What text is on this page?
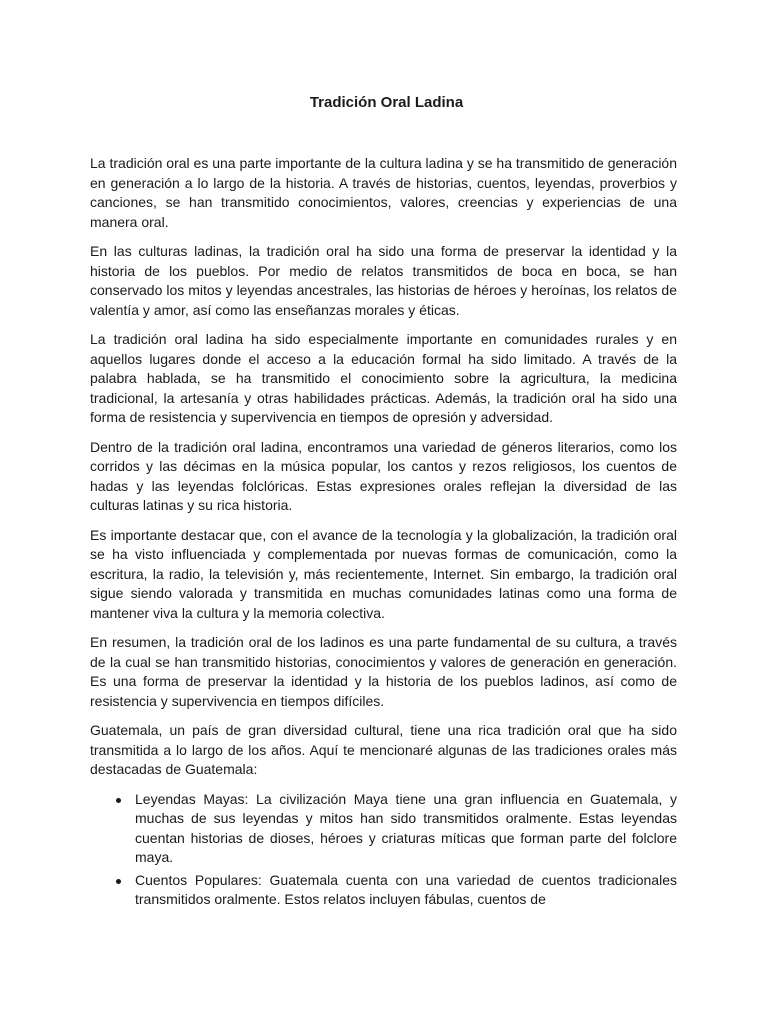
Tradición Oral Ladina

La tradición oral es una parte importante de la cultura ladina y se ha transmitido de generación en generación a lo largo de la historia. A través de historias, cuentos, leyendas, proverbios y canciones, se han transmitido conocimientos, valores, creencias y experiencias de una manera oral.

En las culturas ladinas, la tradición oral ha sido una forma de preservar la identidad y la historia de los pueblos. Por medio de relatos transmitidos de boca en boca, se han conservado los mitos y leyendas ancestrales, las historias de héroes y heroínas, los relatos de valentía y amor, así como las enseñanzas morales y éticas.

La tradición oral ladina ha sido especialmente importante en comunidades rurales y en aquellos lugares donde el acceso a la educación formal ha sido limitado. A través de la palabra hablada, se ha transmitido el conocimiento sobre la agricultura, la medicina tradicional, la artesanía y otras habilidades prácticas. Además, la tradición oral ha sido una forma de resistencia y supervivencia en tiempos de opresión y adversidad.

Dentro de la tradición oral ladina, encontramos una variedad de géneros literarios, como los corridos y las décimas en la música popular, los cantos y rezos religiosos, los cuentos de hadas y las leyendas folclóricas. Estas expresiones orales reflejan la diversidad de las culturas latinas y su rica historia.

Es importante destacar que, con el avance de la tecnología y la globalización, la tradición oral se ha visto influenciada y complementada por nuevas formas de comunicación, como la escritura, la radio, la televisión y, más recientemente, Internet. Sin embargo, la tradición oral sigue siendo valorada y transmitida en muchas comunidades latinas como una forma de mantener viva la cultura y la memoria colectiva.

En resumen, la tradición oral de los ladinos es una parte fundamental de su cultura, a través de la cual se han transmitido historias, conocimientos y valores de generación en generación. Es una forma de preservar la identidad y la historia de los pueblos ladinos, así como de resistencia y supervivencia en tiempos difíciles.

Guatemala, un país de gran diversidad cultural, tiene una rica tradición oral que ha sido transmitida a lo largo de los años. Aquí te mencionaré algunas de las tradiciones orales más destacadas de Guatemala:

Leyendas Mayas: La civilización Maya tiene una gran influencia en Guatemala, y muchas de sus leyendas y mitos han sido transmitidos oralmente. Estas leyendas cuentan historias de dioses, héroes y criaturas míticas que forman parte del folclore maya.
Cuentos Populares: Guatemala cuenta con una variedad de cuentos tradicionales transmitidos oralmente. Estos relatos incluyen fábulas, cuentos de
